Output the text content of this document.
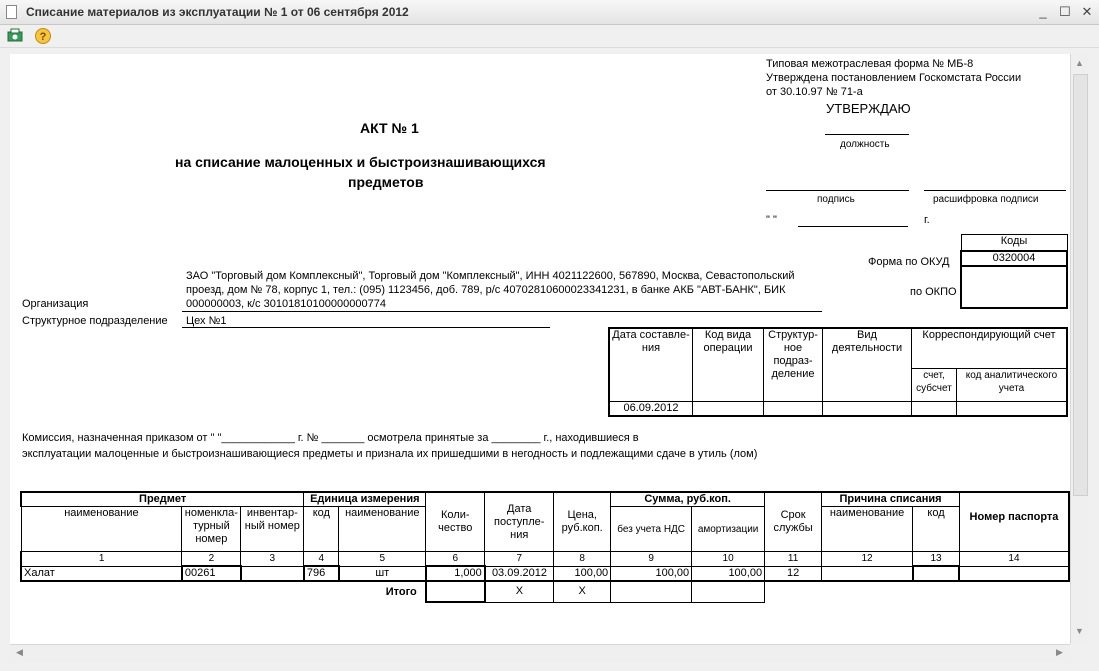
Списание материалов из эксплуатации № 1 от 06 сентября 2012	_ ☐ ✕
?
Типовая межотраслевая форма № МБ-8
Утверждена постановлением Госкомстата России
от 30.10.97 № 71-а
УТВЕРЖДАЮ
должность
подпись	расшифровка подписи
" "	г.
АКТ № 1
на списание малоценных и быстроизнашивающихся
предметов
Коды
0320004

Форма по ОКУД
по ОКПО
ЗАО "Торговый дом Комплексный", Торговый дом "Комплексный", ИНН 4021122600, 567890, Москва, Севастопольский
проезд, дом № 78, корпус 1, тел.: (095) 1123456, доб. 789, р/с 40702810600023341231, в банке АКБ "АВТ-БАНК", БИК
000000003, к/с 30101810100000000774
Организация
Структурное подразделение Цех №1
Дата составле-ния	Код вида операции	Структур-ное подраз-деление	Вид деятельности	Корреспондирующий счет	
				счет, субсчет	код аналитического учета
06.09.2012					
Комиссия, назначенная приказом от " "____________ г. № _______ осмотрела принятые за ________ г., находившиеся в
эксплуатации малоценные и быстроизнашивающиеся предметы и признала их пришедшими в негодность и подлежащими сдаче в утиль (лом)
Предмет			Единица измерения		Коли-чество	Дата поступле-ния	Цена, руб.коп.	Сумма, руб.коп.		Срок службы	Причина списания		Номер паспорта
наименование	номенкла-турный номер	инвентар-ный номер	код	наименование				без учета НДС	амортизации		наименование	код	
1	2	3	4	5	6	7	8	9	10	11	12	13	14
Халат	00261		796	шт	1,000	03.09.2012	100,00	100,00	100,00	12			
Итого						X	X						
▲
▼
◀	▶
